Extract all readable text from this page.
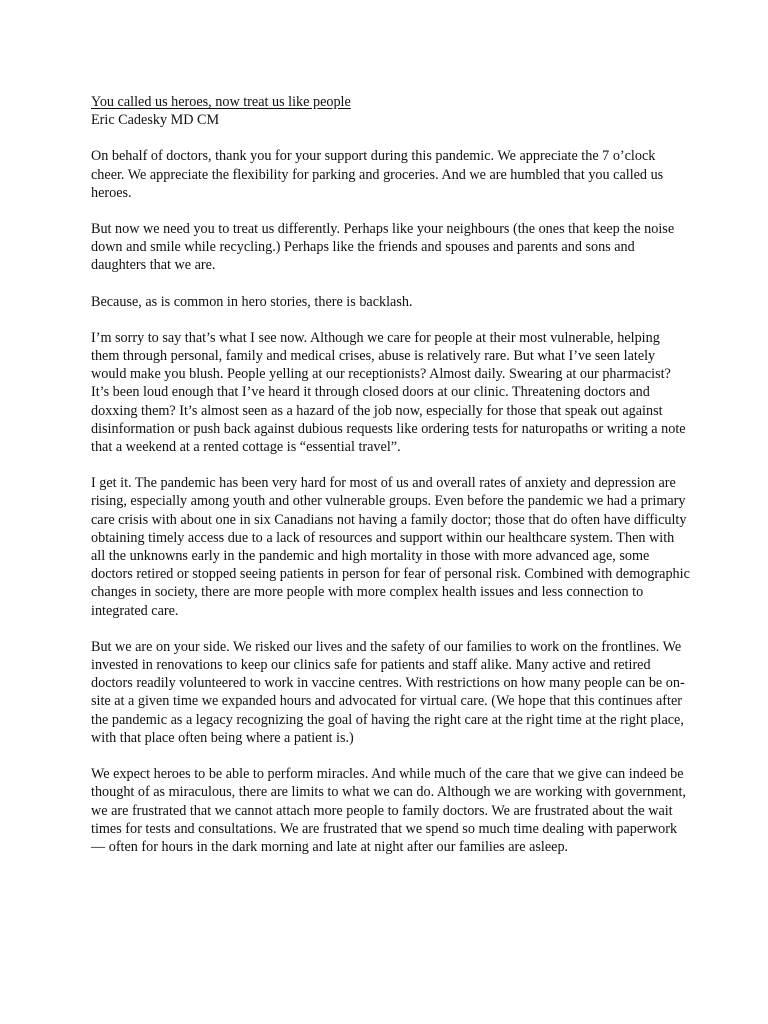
You called us heroes, now treat us like people

Eric Cadesky MD CM

On behalf of doctors, thank you for your support during this pandemic. We appreciate the 7 o’clock cheer. We appreciate the flexibility for parking and groceries. And we are humbled that you called us heroes.

But now we need you to treat us differently. Perhaps like your neighbours (the ones that keep the noise down and smile while recycling.) Perhaps like the friends and spouses and parents and sons and daughters that we are.

Because, as is common in hero stories, there is backlash.

I’m sorry to say that’s what I see now. Although we care for people at their most vulnerable, helping them through personal, family and medical crises, abuse is relatively rare. But what I’ve seen lately would make you blush. People yelling at our receptionists? Almost daily. Swearing at our pharmacist? It’s been loud enough that I’ve heard it through closed doors at our clinic. Threatening doctors and doxxing them? It’s almost seen as a hazard of the job now, especially for those that speak out against disinformation or push back against dubious requests like ordering tests for naturopaths or writing a note that a weekend at a rented cottage is “essential travel”.

I get it. The pandemic has been very hard for most of us and overall rates of anxiety and depression are rising, especially among youth and other vulnerable groups. Even before the pandemic we had a primary care crisis with about one in six Canadians not having a family doctor; those that do often have difficulty obtaining timely access due to a lack of resources and support within our healthcare system. Then with all the unknowns early in the pandemic and high mortality in those with more advanced age, some doctors retired or stopped seeing patients in person for fear of personal risk. Combined with demographic changes in society, there are more people with more complex health issues and less connection to integrated care.

But we are on your side. We risked our lives and the safety of our families to work on the frontlines. We invested in renovations to keep our clinics safe for patients and staff alike. Many active and retired doctors readily volunteered to work in vaccine centres. With restrictions on how many people can be on-site at a given time we expanded hours and advocated for virtual care. (We hope that this continues after the pandemic as a legacy recognizing the goal of having the right care at the right time at the right place, with that place often being where a patient is.)

We expect heroes to be able to perform miracles. And while much of the care that we give can indeed be thought of as miraculous, there are limits to what we can do. Although we are working with government, we are frustrated that we cannot attach more people to family doctors. We are frustrated about the wait times for tests and consultations. We are frustrated that we spend so much time dealing with paperwork— often for hours in the dark morning and late at night after our families are asleep.
